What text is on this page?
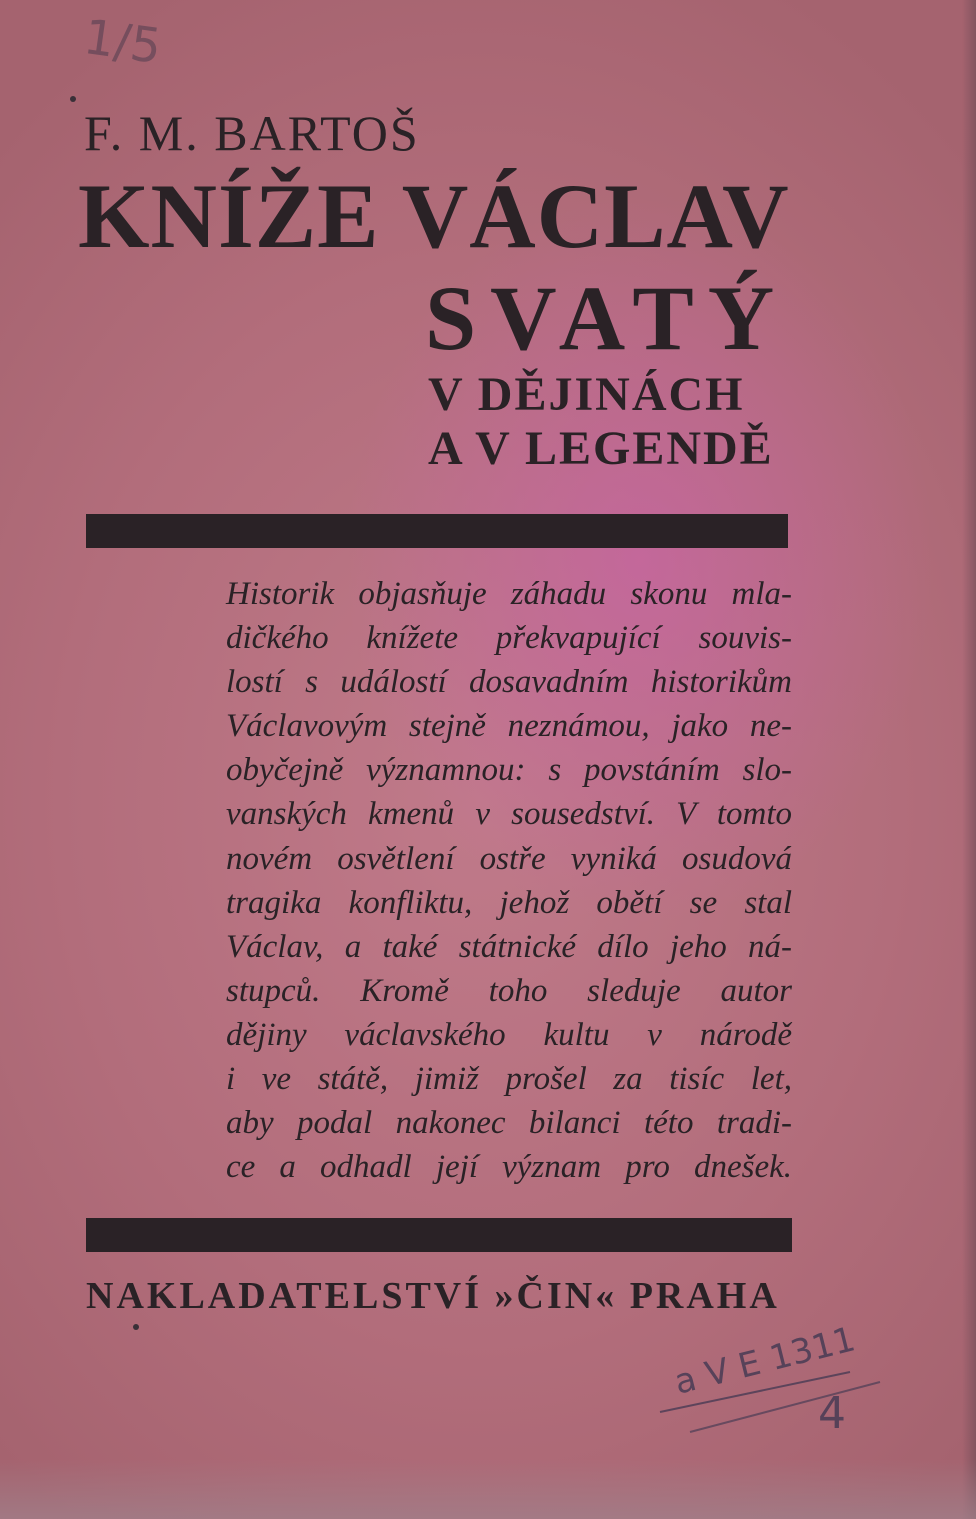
1/5
F. M. BARTOŠ
KNÍŽE VÁCLAV
SVATÝ
V DĚJINÁCH
A V LEGENDĚ
Historik objasňuje záhadu skonu mla-
dičkého knížete překvapující souvis-
lostí s událostí dosavadním historikům
Václavovým stejně neznámou, jako ne-
obyčejně významnou: s povstáním slo-
vanských kmenů v sousedství. V tomto
novém osvětlení ostře vyniká osudová
tragika konfliktu, jehož obětí se stal
Václav, a také státnické dílo jeho ná-
stupců. Kromě toho sleduje autor
dějiny václavského kultu v národě
i ve státě, jimiž prošel za tisíc let,
aby podal nakonec bilanci této tradi-
ce a odhadl její význam pro dnešek.
NAKLADATELSTVÍ »ČIN« PRAHA
a V E 1311
4
